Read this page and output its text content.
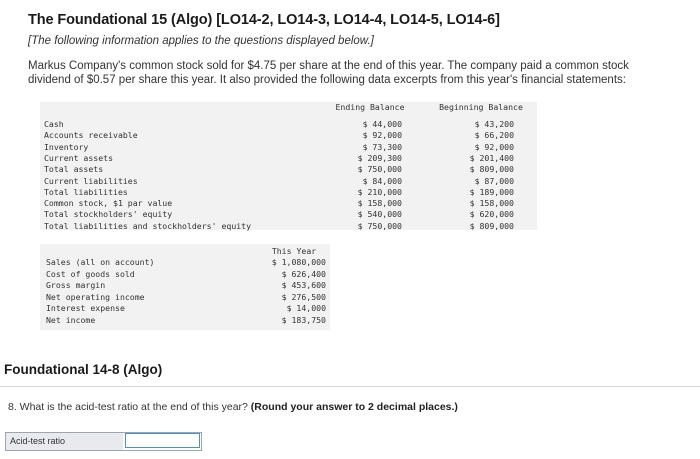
The Foundational 15 (Algo) [LO14-2, LO14-3, LO14-4, LO14-5, LO14-6]
[The following information applies to the questions displayed below.]
Markus Company's common stock sold for $4.75 per share at the end of this year. The company paid a common stock
dividend of $0.57 per share this year. It also provided the following data excerpts from this year's financial statements:
Ending Balance	Beginning Balance
Cash	$ 44,000	$ 43,200
Accounts receivable	$ 92,000	$ 66,200
Inventory	$ 73,300	$ 92,000
Current assets	$ 209,300	$ 201,400
Total assets	$ 750,000	$ 809,000
Current liabilities	$ 84,000	$ 87,000
Total liabilities	$ 210,000	$ 189,000
Common stock, $1 par value	$ 158,000	$ 158,000
Total stockholders' equity	$ 540,000	$ 620,000
Total liabilities and stockholders' equity	$ 750,000	$ 809,000
This Year
Sales (all on account)	$ 1,080,000
Cost of goods sold	$ 626,400
Gross margin	$ 453,600
Net operating income	$ 276,500
Interest expense	$ 14,000
Net income	$ 183,750
Foundational 14-8 (Algo)
8. What is the acid-test ratio at the end of this year? (Round your answer to 2 decimal places.)
Acid-test ratio
